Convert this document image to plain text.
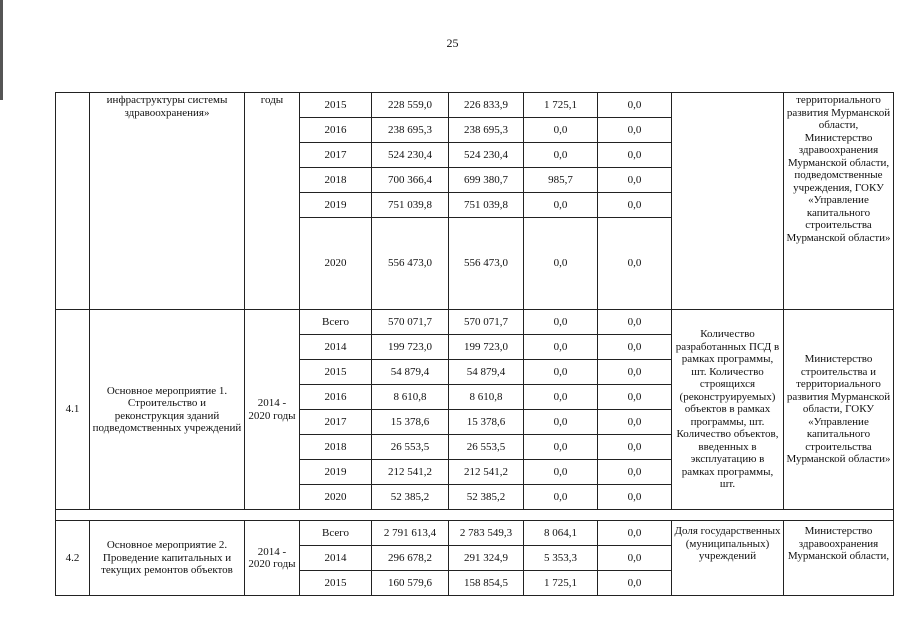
25
	инфраструктуры системы здравоохранения»	годы	2015	228 559,0	226 833,9	1 725,1	0,0		территориального развития Мурманской области, Министерство здравоохранения Мурманской области, подведомственные учреждения, ГОКУ «Управление капитального строительства Мурманской области»
			2016	238 695,3	238 695,3	0,0	0,0		
			2017	524 230,4	524 230,4	0,0	0,0		
			2018	700 366,4	699 380,7	985,7	0,0		
			2019	751 039,8	751 039,8	0,0	0,0		
			2020	556 473,0	556 473,0	0,0	0,0		
4.1	Основное мероприятие 1. Строительство и реконструкция зданий подведомственных учреждений	2014 - 2020 годы	Всего	570 071,7	570 071,7	0,0	0,0	Количество разработанных ПСД в рамках программы, шт. Количество строящихся (реконструируемых) объектов в рамках программы, шт. Количество объектов, введенных в эксплуатацию в рамках программы, шт.	Министерство строительства и территориального развития Мурманской области, ГОКУ «Управление капитального строительства Мурманской области»
			2014	199 723,0	199 723,0	0,0	0,0		
			2015	54 879,4	54 879,4	0,0	0,0		
			2016	8 610,8	8 610,8	0,0	0,0		
			2017	15 378,6	15 378,6	0,0	0,0		
			2018	26 553,5	26 553,5	0,0	0,0		
			2019	212 541,2	212 541,2	0,0	0,0		
			2020	52 385,2	52 385,2	0,0	0,0		

4.2	Основное мероприятие 2. Проведение капитальных и текущих ремонтов объектов	2014 - 2020 годы	Всего	2 791 613,4	2 783 549,3	8 064,1	0,0	Доля государственных (муниципальных) учреждений	Министерство здравоохранения Мурманской области,
			2014	296 678,2	291 324,9	5 353,3	0,0		
			2015	160 579,6	158 854,5	1 725,1	0,0		
